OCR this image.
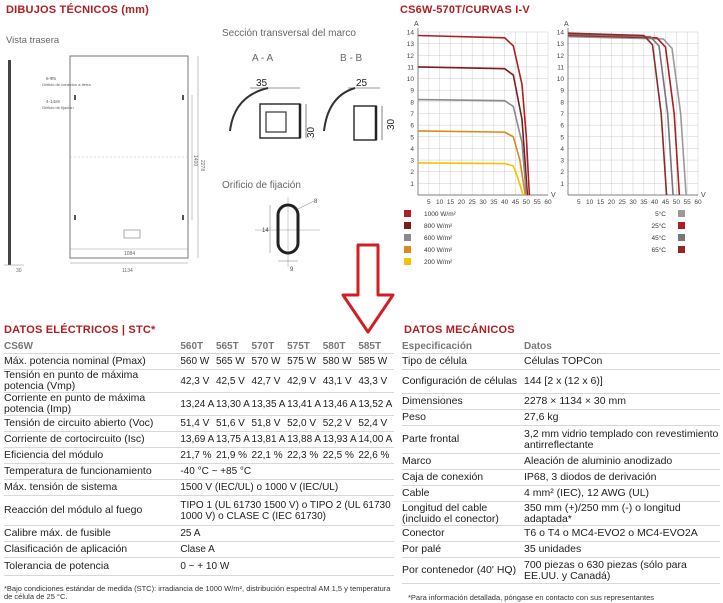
DIBUJOS TÉCNICOS (mm)
Vista trasera
30
2278
1400
1084
1134
6-Ф5
Orificio de conexión a tierra
4-14x9
Orificio de fijación
Sección transversal del marco
A - A	B - B
35
30
25
30
Orificio de fijación
14
9
8
CS6W-570T/CURVAS I-V
1
2
3
4
5
6
7
8
9
10
11
12
13
14
5 10 15 20 25 30 35 40 45 50 55 60
A
V
1
2
3
4
5
6
7
8
9
10
11
12
13
14
5 10 15 20 25 30 35 40 45 50 55 60
A
V
1000 W/m²
800 W/m²
600 W/m²
400 W/m²
200 W/m²
5°C
25°C
45°C
65°C
DATOS ELÉCTRICOS | STC*
CS6W	560T	565T	570T	575T	580T	585T
Máx. potencia nominal (Pmax)	560 W	565 W	570 W	575 W	580 W	585 W
Tensión en punto de máxima potencia (Vmp)	42,3 V	42,5 V	42,7 V	42,9 V	43,1 V	43,3 V
Corriente en punto de máxima potencia (Imp)	13,24 A	13,30 A	13,35 A	13,41 A	13,46 A	13,52 A
Tensión de circuito abierto (Voc)	51,4 V	51,6 V	51,8 V	52,0 V	52,2 V	52,4 V
Corriente de cortocircuito (Isc)	13,69 A	13,75 A	13,81 A	13,88 A	13,93 A	14,00 A
Eficiencia del módulo	21,7 %	21,9 %	22,1 %	22,3 %	22,5 %	22,6 %
Temperatura de funcionamiento	-40 °C ~ +85 °C					
Máx. tensión de sistema	1500 V (IEC/UL) o 1000 V (IEC/UL)					
Reacción del módulo al fuego	TIPO 1 (UL 61730 1500 V) o TIPO 2 (UL 61730 1000 V) o CLASE C (IEC 61730)					
Calibre máx. de fusible	25 A					
Clasificación de aplicación	Clase A					
Tolerancia de potencia	0 ~ + 10 W					
*Bajo condiciones estándar de medida (STC): irradiancia de 1000 W/m², distribución espectral AM 1,5 y temperatura de célula de 25 °C.
DATOS MECÁNICOS
Especificación	Datos
Tipo de célula	Células TOPCon
Configuración de células	144 [2 x (12 x 6)]
Dimensiones	2278 × 1134 × 30 mm
Peso	27,6 kg
Parte frontal	3,2 mm vidrio templado con revestimiento antirreflectante
Marco	Aleación de aluminio anodizado
Caja de conexión	IP68, 3 diodos de derivación
Cable	4 mm² (IEC), 12 AWG (UL)
Longitud del cable (incluido el conector)	350 mm (+)/250 mm (-) o longitud adaptada*
Conector	T6 o T4 o MC4-EVO2 o MC4-EVO2A
Por palé	35 unidades
Por contenedor (40' HQ)	700 piezas o 630 piezas (sólo para EE.UU. y Canadá)
*Para información detallada, póngase en contacto con sus representantes
